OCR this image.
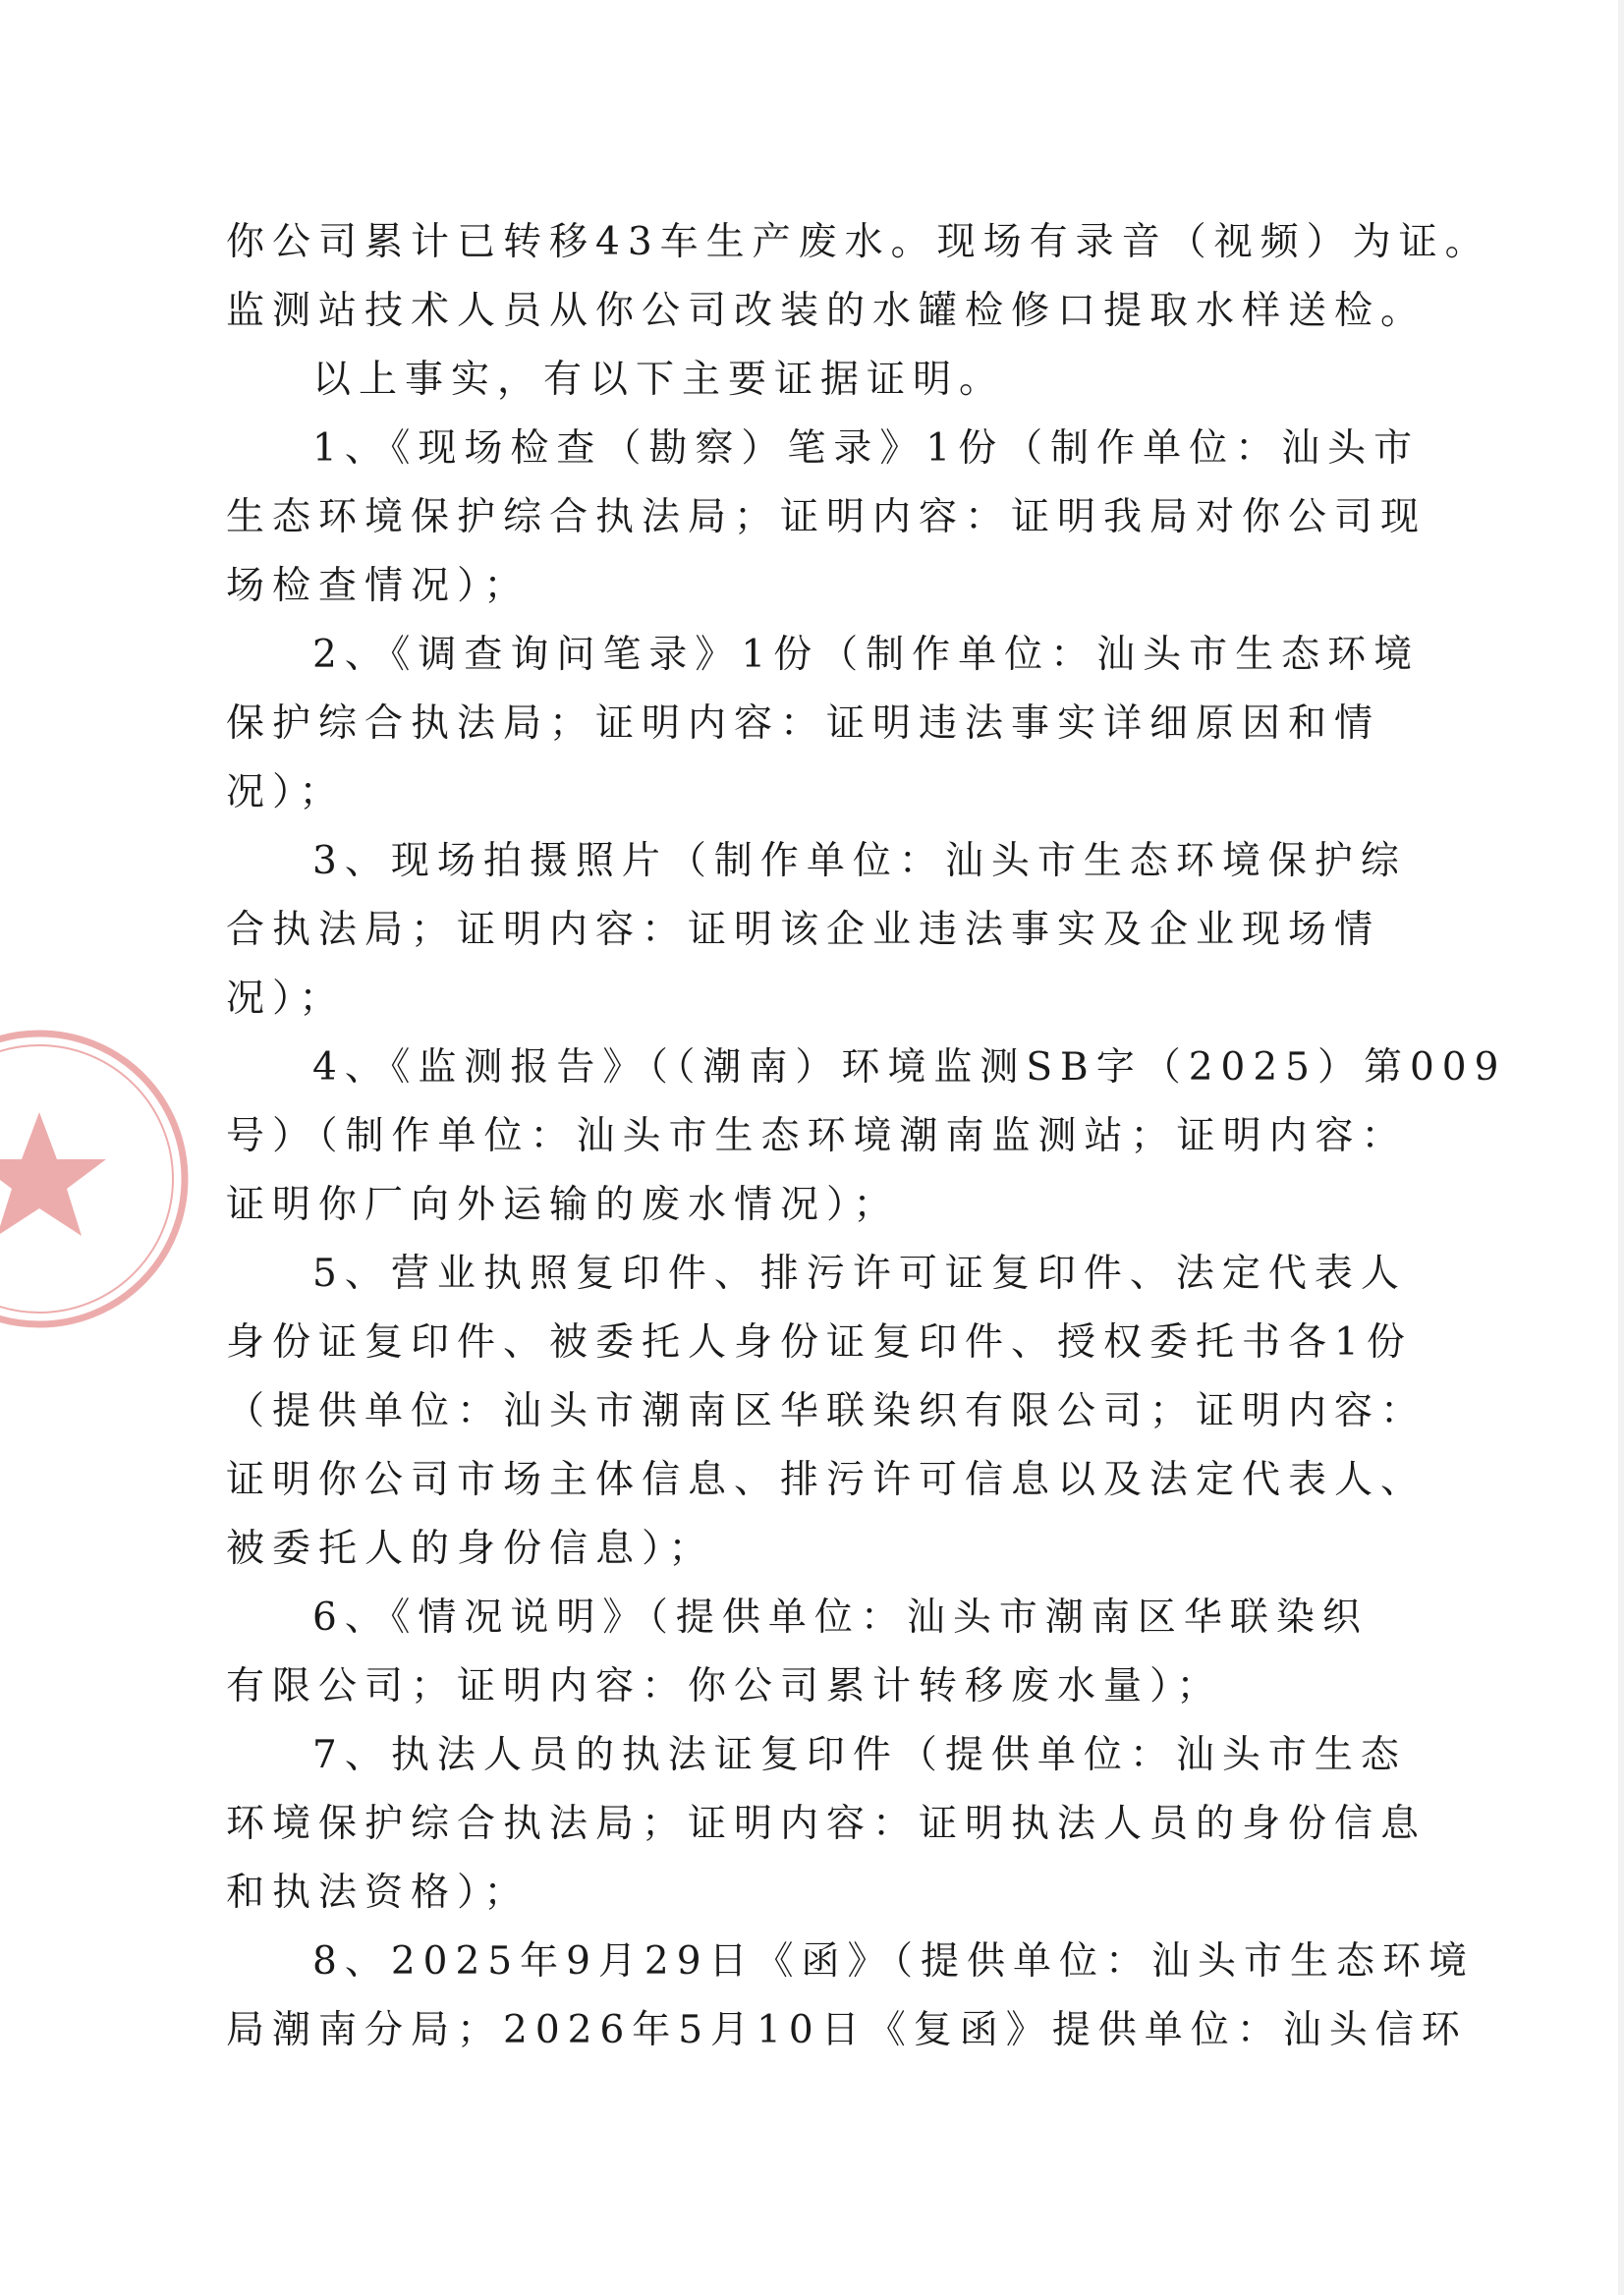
你公司累计已转移43车生产废水。现场有录音（视频）为证。
监测站技术人员从你公司改装的水罐检修口提取水样送检。
以上事实，有以下主要证据证明。
1、《现场检查（勘察）笔录》1份（制作单位：汕头市
生态环境保护综合执法局；证明内容：证明我局对你公司现
场检查情况）；
2、《调查询问笔录》1份（制作单位：汕头市生态环境
保护综合执法局；证明内容：证明违法事实详细原因和情
况）；
3、现场拍摄照片（制作单位：汕头市生态环境保护综
合执法局；证明内容：证明该企业违法事实及企业现场情
况）；
4、《监测报告》（（潮南）环境监测SB字（2025）第009
号）（制作单位：汕头市生态环境潮南监测站；证明内容：
证明你厂向外运输的废水情况）；
5、营业执照复印件、排污许可证复印件、法定代表人
身份证复印件、被委托人身份证复印件、授权委托书各1份
（提供单位：汕头市潮南区华联染织有限公司；证明内容：
证明你公司市场主体信息、排污许可信息以及法定代表人、
被委托人的身份信息）；
6、《情况说明》（提供单位：汕头市潮南区华联染织
有限公司；证明内容：你公司累计转移废水量）；
7、执法人员的执法证复印件（提供单位：汕头市生态
环境保护综合执法局；证明内容：证明执法人员的身份信息
和执法资格）；
8、2025年9月29日《函》（提供单位：汕头市生态环境
局潮南分局；2026年5月10日《复函》提供单位：汕头信环
